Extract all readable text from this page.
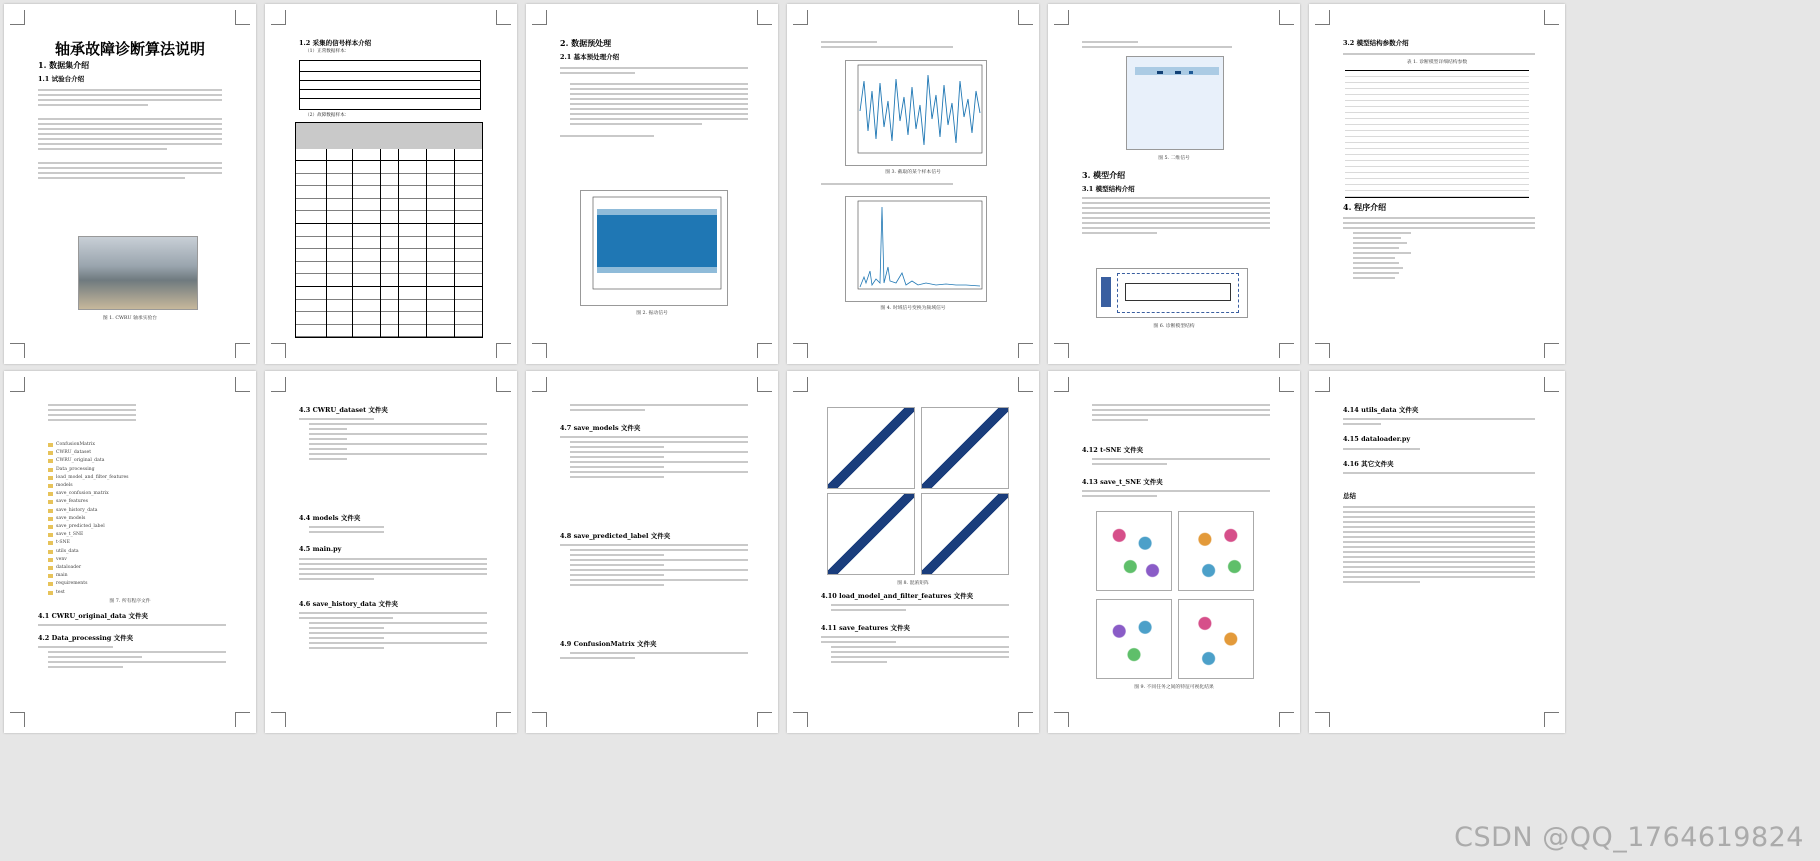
轴承故障诊断算法说明
1. 数据集介绍
1.1 试验台介绍
图 1. CWRU 轴承实验台
1.2 采集的信号样本介绍
（1）正常数据样本：
（2）故障数据样本：
2. 数据预处理
2.1 基本预处理介绍
图 2. 振动信号
图 3. 截取的某个样本信号
图 4. 时域信号变换为频域信号
图 5. 二维信号
3. 模型介绍
3.1 模型结构介绍
图 6. 诊断模型结构
3.2 模型结构参数介绍
表 1. 诊断模型详细结构参数
4. 程序介绍
ConfusionMatrix
CWRU_dataset
CWRU_original_data
Data_processing
load_model_and_filter_features
models
save_confusion_matrix
save_features
save_history_data
save_models
save_predicted_label
save_t_SNE
t-SNE
utils_data
venv
dataloader
main
requirements
test
图 7. 所有程序文件
4.1 CWRU_original_data 文件夹
4.2 Data_processing 文件夹
4.3 CWRU_dataset 文件夹
4.4 models 文件夹
4.5 main.py
4.6 save_history_data 文件夹
4.7 save_models 文件夹
4.8 save_predicted_label 文件夹
4.9 ConfusionMatrix 文件夹
图 8. 混淆矩阵
4.10 load_model_and_filter_features 文件夹
4.11 save_features 文件夹
4.12 t-SNE 文件夹
4.13 save_t_SNE 文件夹
图 9. 不同任务之间的特征可视化结果
4.14 utils_data 文件夹
4.15 dataloader.py
4.16 其它文件夹
总结
CSDN @QQ_1764619824
